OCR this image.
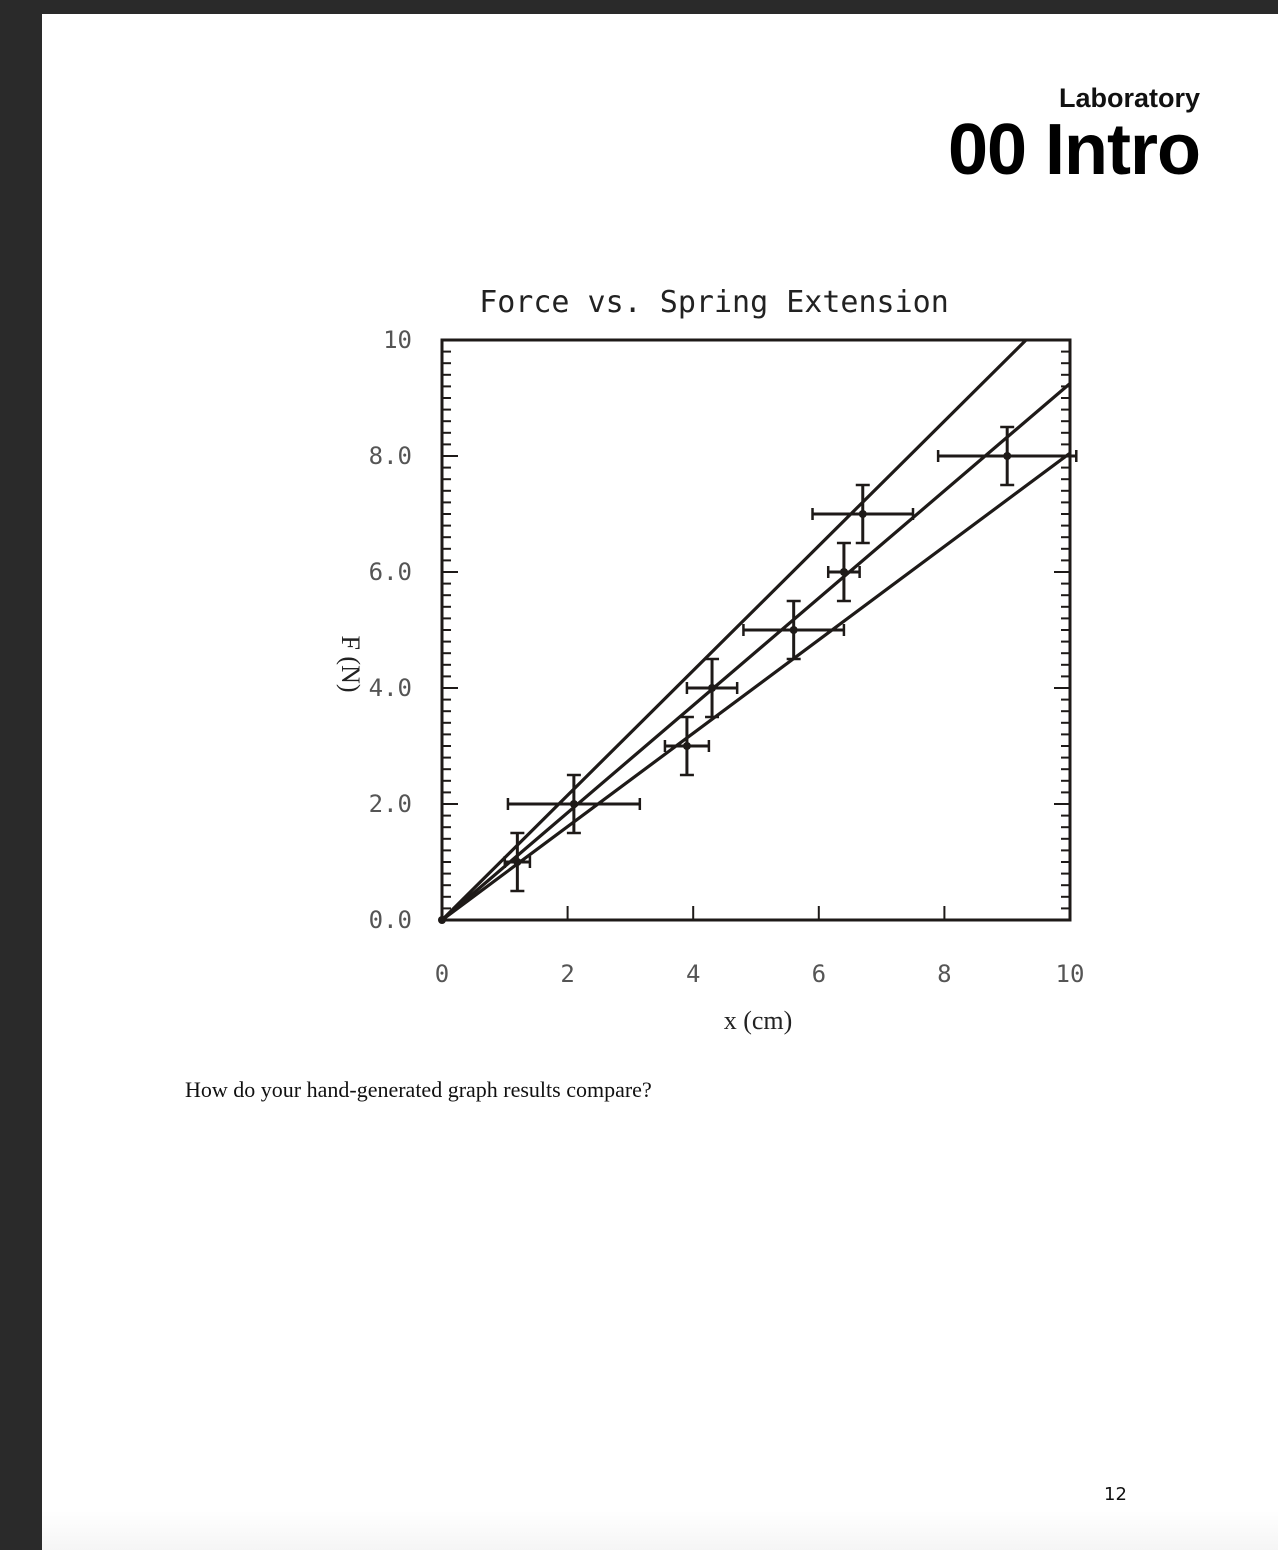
Laboratory
00 Intro
Force vs. Spring Extension
x (cm)
F (N)
0.0
2.0
4.0
6.0
8.0
10
0	2	4	6	8	10
How do your hand-generated graph results compare?
12
